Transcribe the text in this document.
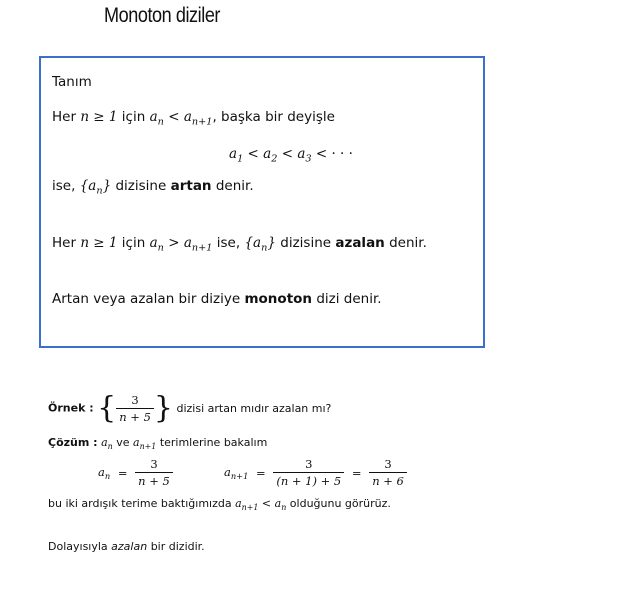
Monoton diziler
Tanım
Her n ≥ 1 için $a_n < a_{n+1}$, başka bir deyişle
$a_1 < a_2 < a_3$ < · · ·
ise, $\{a_n\}$ dizisine artan denir.
Her n ≥ 1 için $a_n > a_{n+1}$ ise, $\{a_n\}$ dizisine azalan denir.
Artan veya azalan bir diziye monoton dizi denir.
Örnek : { $\frac{3}{n + 5}$ } dizisi artan mıdır azalan mı?
Çözüm : $a_n$ ve $a_{n+1}$ terimlerine bakalım
$a_n = \frac{3}{n + 5}$	$a_{n+1} = \frac{3}{(n + 1) + 5} = \frac{3}{n + 6}$
bu iki ardışık terime baktığımızda $a_{n+1} < a_n$ olduğunu görürüz.
Dolayısıyla azalan bir dizidir.
